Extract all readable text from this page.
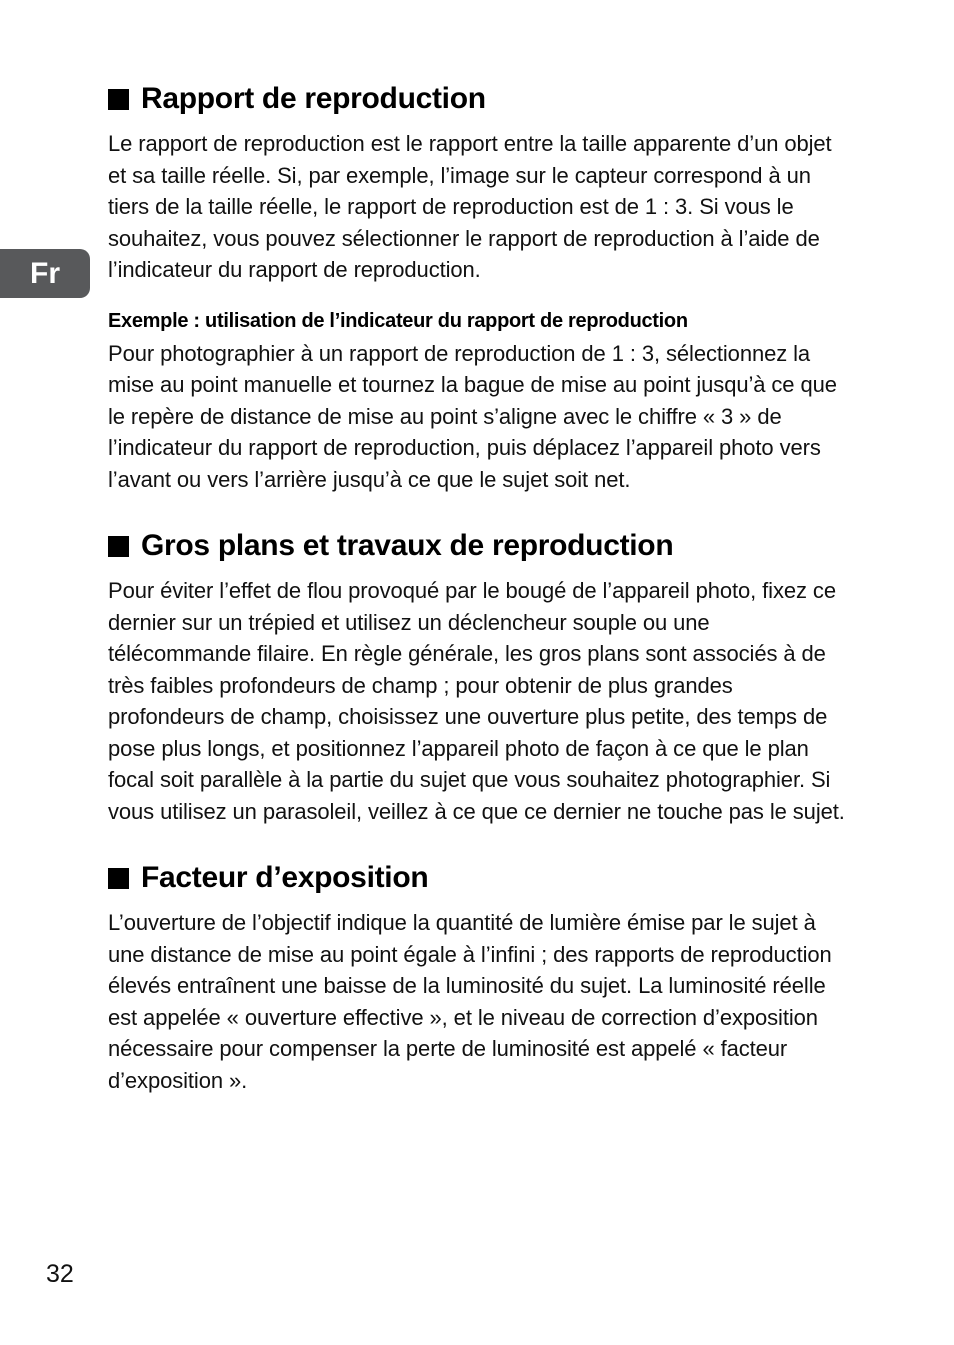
Fr
Rapport de reproduction

Le rapport de reproduction est le rapport entre la taille apparente d’un objet et sa taille réelle. Si, par exemple, l’image sur le capteur correspond à un tiers de la taille réelle, le rapport de reproduction est de 1 : 3. Si vous le souhaitez, vous pouvez sélectionner le rapport de reproduction à l’aide de l’indicateur du rapport de reproduction.

Exemple : utilisation de l’indicateur du rapport de reproduction

Pour photographier à un rapport de reproduction de 1 : 3, sélectionnez la mise au point manuelle et tournez la bague de mise au point jusqu’à ce que le repère de distance de mise au point s’aligne avec le chiffre « 3 » de l’indicateur du rapport de reproduction, puis déplacez l’appareil photo vers l’avant ou vers l’arrière jusqu’à ce que le sujet soit net.

Gros plans et travaux de reproduction

Pour éviter l’effet de flou provoqué par le bougé de l’appareil photo, fixez ce dernier sur un trépied et utilisez un déclencheur souple ou une télécommande filaire. En règle générale, les gros plans sont associés à de très faibles profondeurs de champ ; pour obtenir de plus grandes profondeurs de champ, choisissez une ouverture plus petite, des temps de pose plus longs, et positionnez l’appareil photo de façon à ce que le plan focal soit parallèle à la partie du sujet que vous souhaitez photographier. Si vous utilisez un parasoleil, veillez à ce que ce dernier ne touche pas le sujet.

Facteur d’exposition

L’ouverture de l’objectif indique la quantité de lumière émise par le sujet à une distance de mise au point égale à l’infini ; des rapports de reproduction élevés entraînent une baisse de la luminosité du sujet. La luminosité réelle est appelée « ouverture effective », et le niveau de correction d’exposition nécessaire pour compenser la perte de luminosité est appelé « facteur d’exposition ».

32
